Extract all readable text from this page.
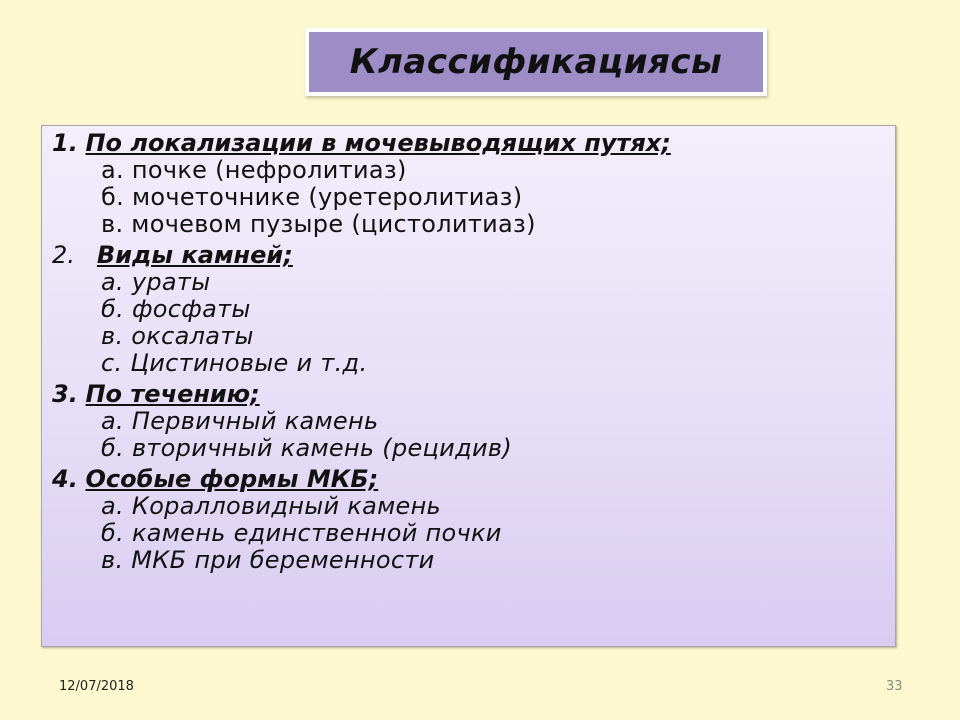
Классификациясы
1. По локализации в мочевыводящих путях;
а. почке (нефролитиаз)
б. мочеточнике (уретеролитиаз)
в. мочевом пузыре (цистолитиаз)
2. Виды камней;
а. ураты
б. фосфаты
в. оксалаты
с. Цистиновые и т.д.
3. По течению;
а. Первичный камень
б. вторичный камень (рецидив)
4. Особые формы МКБ;
а. Коралловидный камень
б. камень единственной почки
в. МКБ при беременности
12/07/2018	33
